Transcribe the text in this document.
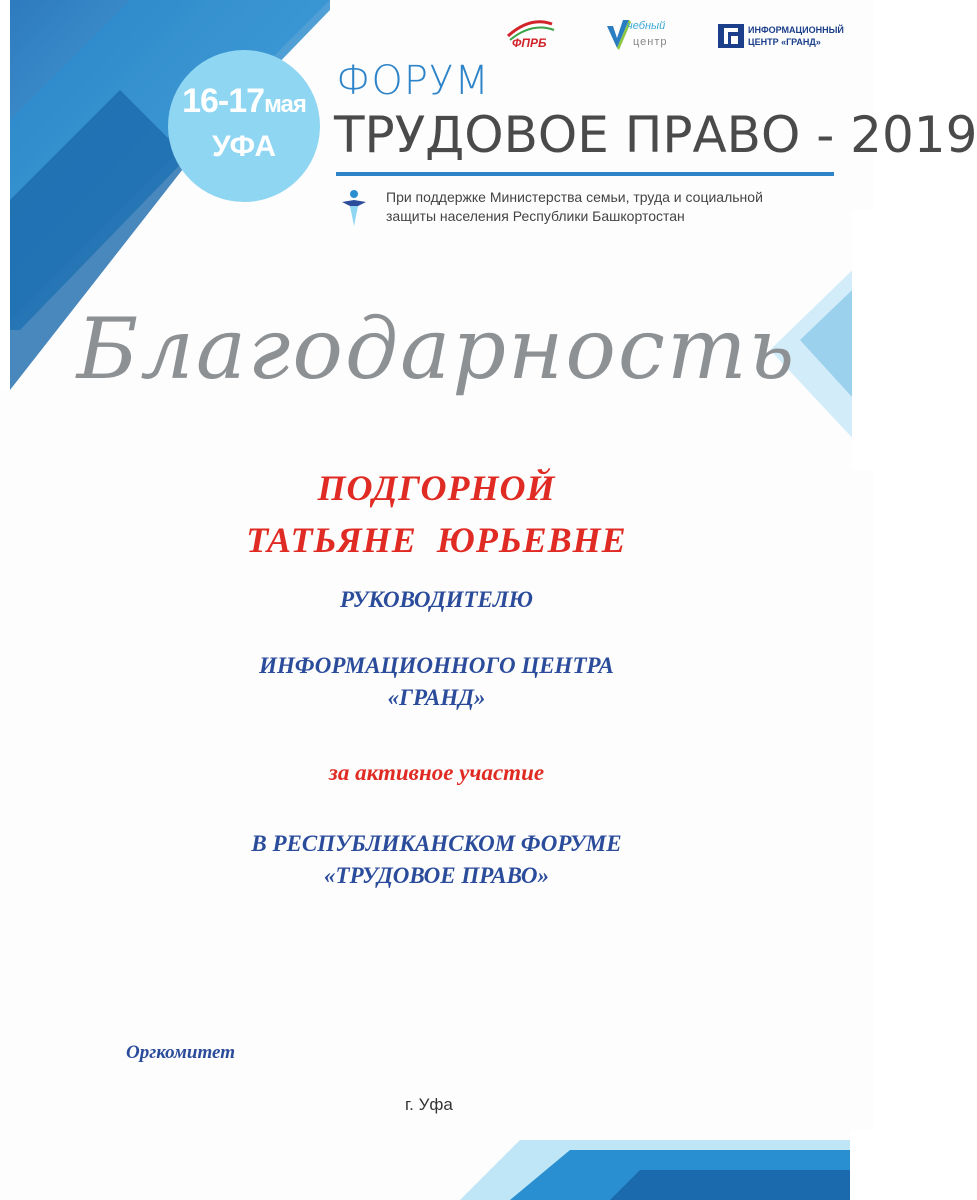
16-17мая
УФА
ФПРБ
чебный
центр
ИНФОРМАЦИОННЫЙ
ЦЕНТР «ГРАНД»
ФОРУМ
ТРУДОВОЕ ПРАВО - 2019
При поддержке Министерства семьи, труда и социальной защиты населения Республики Башкортостан
Благодарность
ПОДГОРНОЙ
ТАТЬЯНЕ  ЮРЬЕВНЕ
РУКОВОДИТЕЛЮ
ИНФОРМАЦИОННОГО ЦЕНТРА
«ГРАНД»
за активное участие
В РЕСПУБЛИКАНСКОМ ФОРУМЕ
«ТРУДОВОЕ ПРАВО»
Оргкомитет
г. Уфа
